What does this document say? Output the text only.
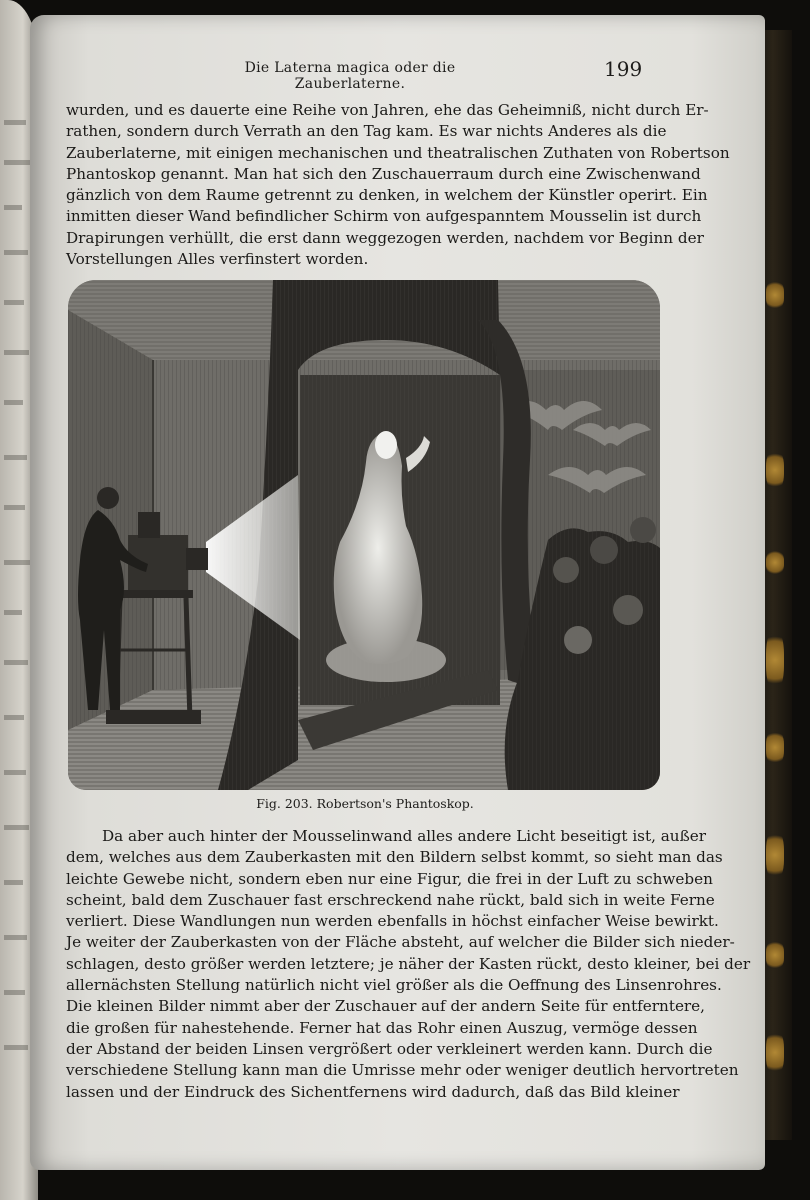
Die Laterna magica oder die Zauberlaterne.
199
wurden, und es dauerte eine Reihe von Jahren, ehe das Geheimniß, nicht durch Er-
rathen, sondern durch Verrath an den Tag kam. Es war nichts Anderes als die
Zauberlaterne, mit einigen mechanischen und theatralischen Zuthaten von Robertson
Phantoskop genannt. Man hat sich den Zuschauerraum durch eine Zwischenwand
gänzlich von dem Raume getrennt zu denken, in welchem der Künstler operirt. Ein
inmitten dieser Wand befindlicher Schirm von aufgespanntem Mousselin ist durch
Drapirungen verhüllt, die erst dann weggezogen werden, nachdem vor Beginn der
Vorstellungen Alles verfinstert worden.
Fig. 203. Robertson's Phantoskop.
Da aber auch hinter der Mousselinwand alles andere Licht beseitigt ist, außer
dem, welches aus dem Zauberkasten mit den Bildern selbst kommt, so sieht man das
leichte Gewebe nicht, sondern eben nur eine Figur, die frei in der Luft zu schweben
scheint, bald dem Zuschauer fast erschreckend nahe rückt, bald sich in weite Ferne
verliert. Diese Wandlungen nun werden ebenfalls in höchst einfacher Weise bewirkt.
Je weiter der Zauberkasten von der Fläche absteht, auf welcher die Bilder sich nieder-
schlagen, desto größer werden letztere; je näher der Kasten rückt, desto kleiner, bei der
allernächsten Stellung natürlich nicht viel größer als die Oeffnung des Linsenrohres.
Die kleinen Bilder nimmt aber der Zuschauer auf der andern Seite für entferntere,
die großen für nahestehende. Ferner hat das Rohr einen Auszug, vermöge dessen
der Abstand der beiden Linsen vergrößert oder verkleinert werden kann. Durch die
verschiedene Stellung kann man die Umrisse mehr oder weniger deutlich hervortreten
lassen und der Eindruck des Sichentfernens wird dadurch, daß das Bild kleiner
